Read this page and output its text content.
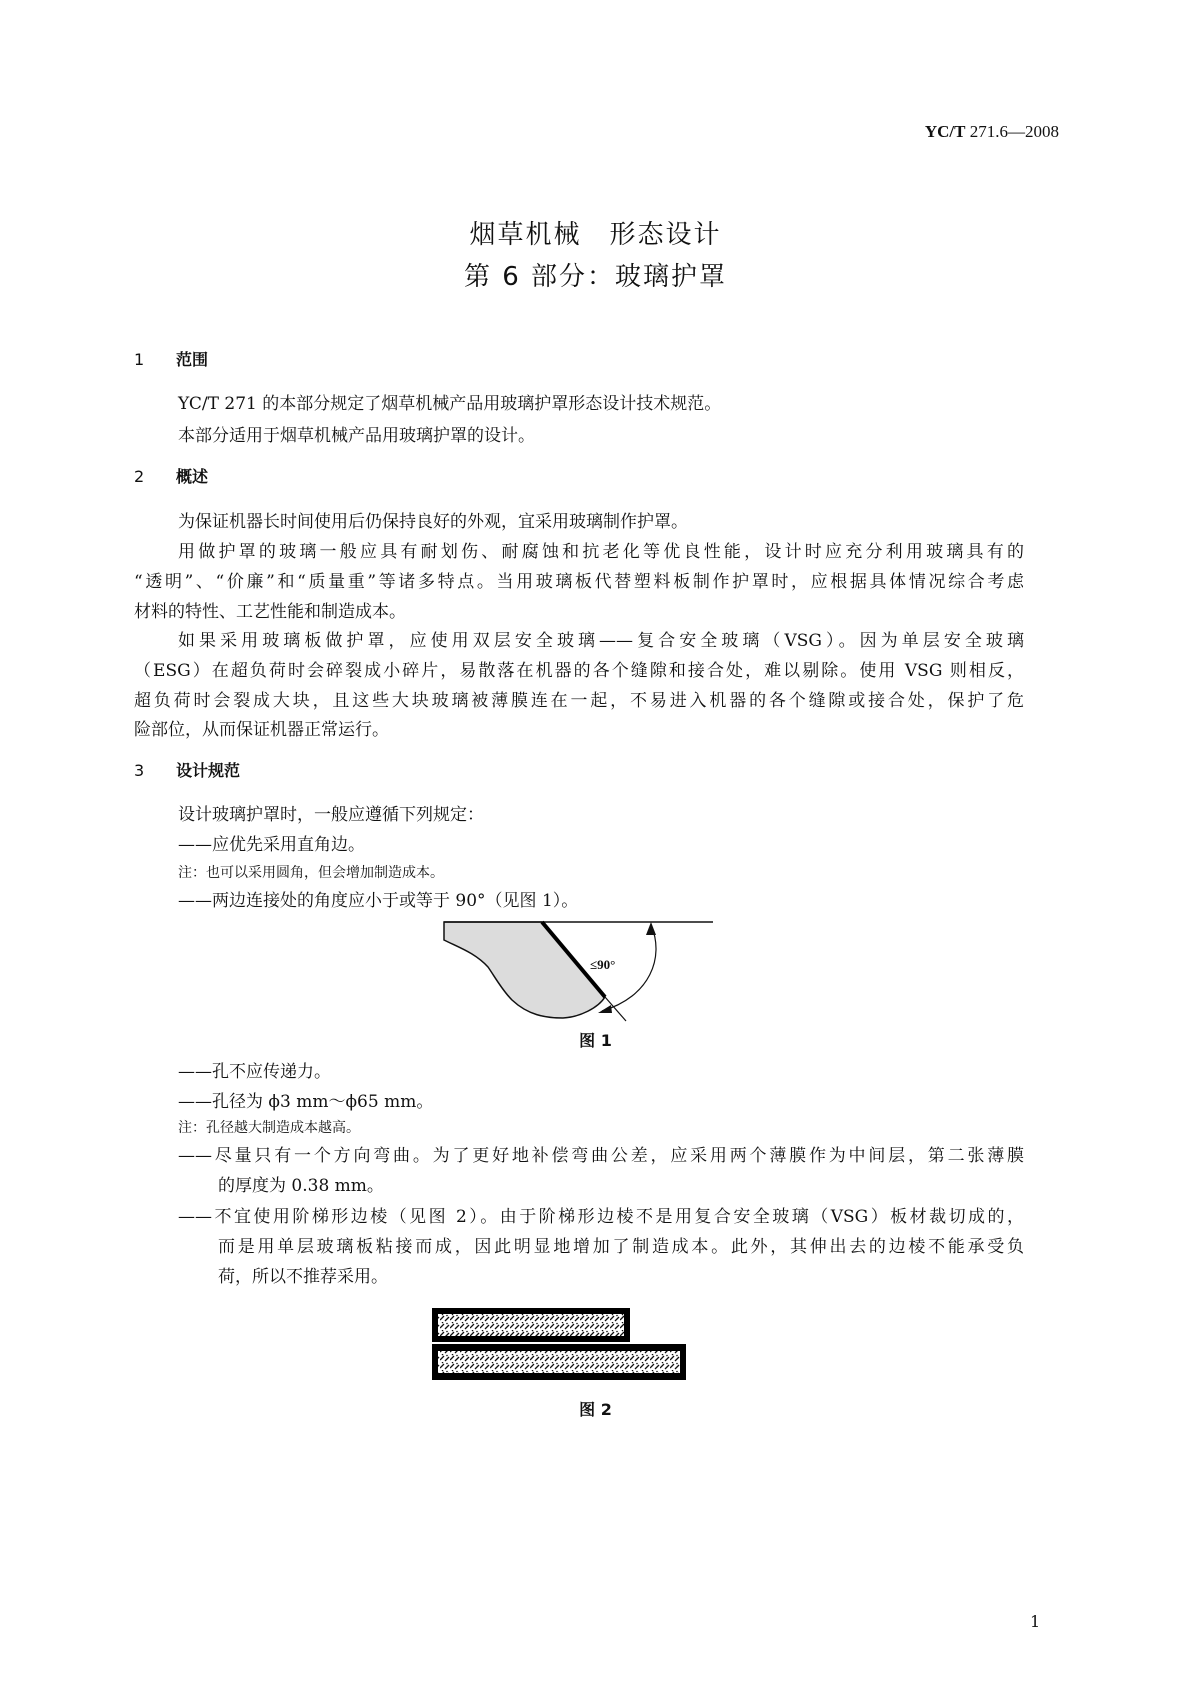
YC/T 271.6—2008
烟草机械　形态设计
第 6 部分：玻璃护罩
1 范围
YC/T 271 的本部分规定了烟草机械产品用玻璃护罩形态设计技术规范。
本部分适用于烟草机械产品用玻璃护罩的设计。
2 概述
为保证机器长时间使用后仍保持良好的外观，宜采用玻璃制作护罩。
用做护罩的玻璃一般应具有耐划伤、耐腐蚀和抗老化等优良性能，设计时应充分利用玻璃具有的
“透明”、“价廉”和“质量重”等诸多特点。当用玻璃板代替塑料板制作护罩时，应根据具体情况综合考虑
材料的特性、工艺性能和制造成本。
如果采用玻璃板做护罩，应使用双层安全玻璃——复合安全玻璃（VSG）。因为单层安全玻璃
（ESG）在超负荷时会碎裂成小碎片，易散落在机器的各个缝隙和接合处，难以剔除。使用 VSG 则相反，
超负荷时会裂成大块，且这些大块玻璃被薄膜连在一起，不易进入机器的各个缝隙或接合处，保护了危
险部位，从而保证机器正常运行。
3 设计规范
设计玻璃护罩时，一般应遵循下列规定：
——应优先采用直角边。
注：也可以采用圆角，但会增加制造成本。
——两边连接处的角度应小于或等于 90°（见图 1）。
≤90°
图 1
——孔不应传递力。
——孔径为 ϕ3 mm～ϕ65 mm。
注：孔径越大制造成本越高。
——尽量只有一个方向弯曲。为了更好地补偿弯曲公差，应采用两个薄膜作为中间层，第二张薄膜
的厚度为 0.38 mm。
——不宜使用阶梯形边棱（见图 2）。由于阶梯形边棱不是用复合安全玻璃（VSG）板材裁切成的，
而是用单层玻璃板粘接而成，因此明显地增加了制造成本。此外，其伸出去的边棱不能承受负
荷，所以不推荐采用。
图 2
1
